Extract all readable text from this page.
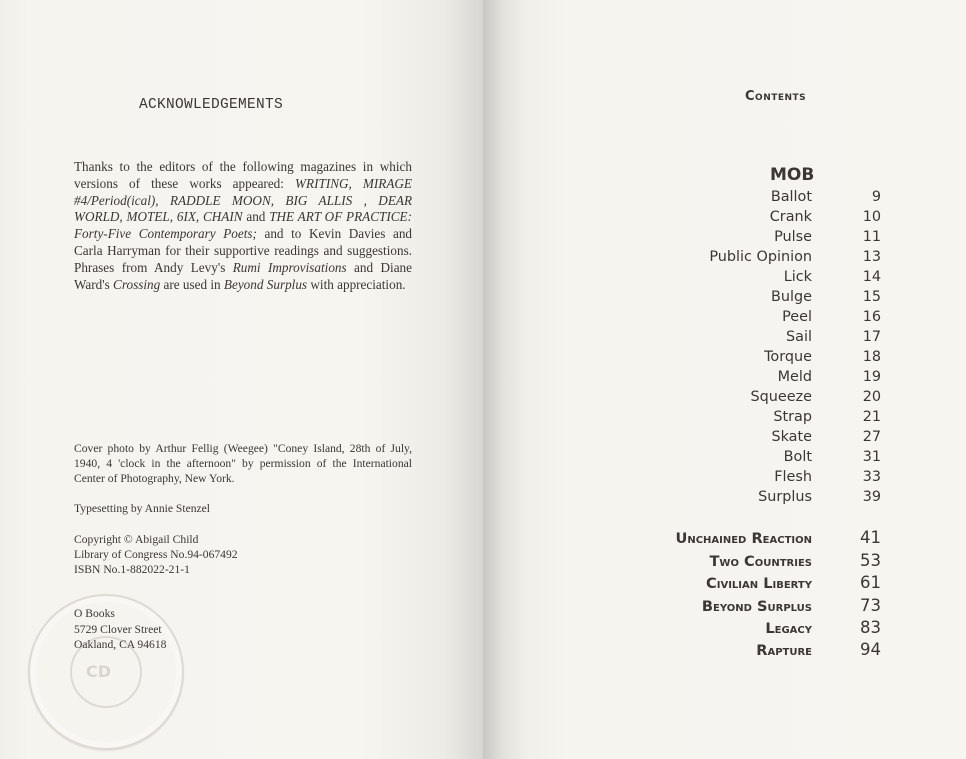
CD
ACKNOWLEDGEMENTS

Thanks to the editors of the following magazines in which versions of these works appeared: WRITING, MIRAGE #4/Period(ical), RADDLE MOON, BIG ALLIS , DEAR WORLD, MOTEL, 6IX, CHAIN and THE ART OF PRACTICE: Forty-Five Contemporary Poets; and to Kevin Davies and Carla Harryman for their supportive readings and suggestions. Phrases from Andy Levy's Rumi Improvisations and Diane Ward's Crossing are used in Beyond Surplus with appreciation.

Cover photo by Arthur Fellig (Weegee) "Coney Island, 28th of July, 1940, 4 'clock in the afternoon" by permission of the International Center of Photography, New York.

Typesetting by Annie Stenzel
Copyright © Abigail Child
Library of Congress No.94-067492
ISBN No.1-882022-21-1
O Books
5729 Clover Street
Oakland, CA 94618
Contents
MOB
Ballot	9
Crank	10
Pulse	11
Public Opinion	13
Lick	14
Bulge	15
Peel	16
Sail	17
Torque	18
Meld	19
Squeeze	20
Strap	21
Skate	27
Bolt	31
Flesh	33
Surplus	39
Unchained Reaction	41
Two Countries	53
Civilian Liberty	61
Beyond Surplus	73
Legacy	83
Rapture	94
